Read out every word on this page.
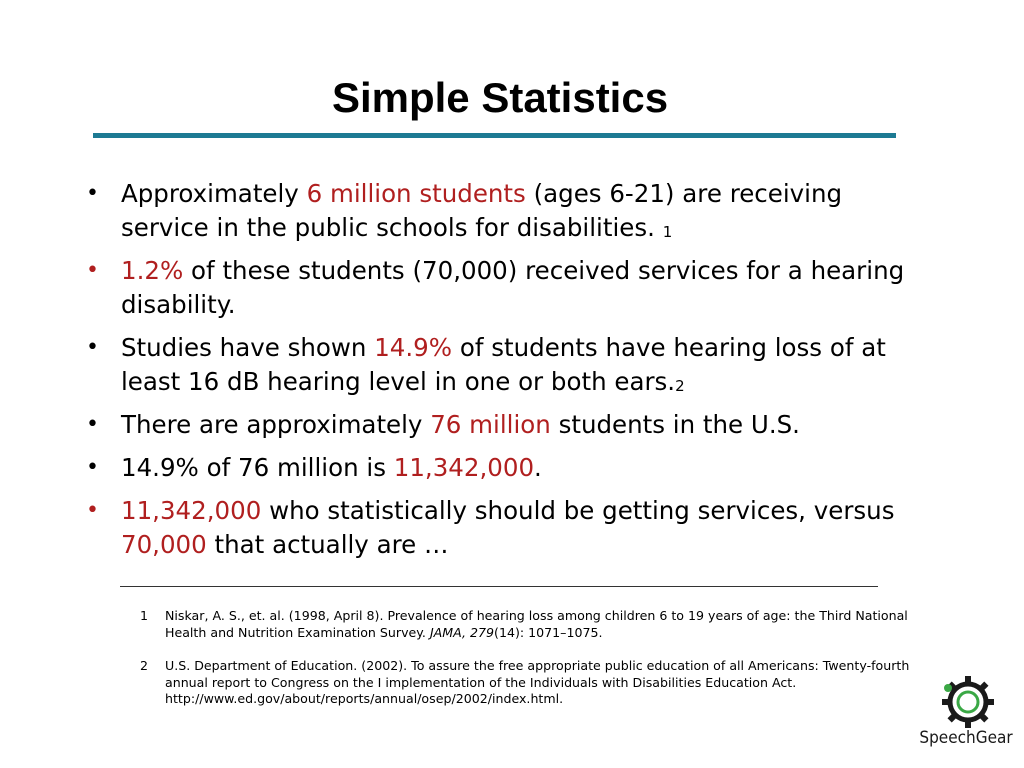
Simple Statistics
• Approximately 6 million students (ages 6-21) are receiving service in the public schools for disabilities. $^1$
• 1.2% of these students (70,000) received services for a hearing disability.
• Studies have shown 14.9% of students have hearing loss of at least 16 dB hearing level in one or both ears.$^2$
• There are approximately 76 million students in the U.S.
• 14.9% of 76 million is 11,342,000.
• 11,342,000 who statistically should be getting services, versus 70,000 that actually are …
1 Niskar, A. S., et. al. (1998, April 8). Prevalence of hearing loss among children 6 to 19 years of age: the Third National Health and Nutrition Examination Survey. JAMA, 279(14): 1071–1075.
2 U.S. Department of Education. (2002). To assure the free appropriate public education of all Americans: Twenty-fourth annual report to Congress on the I implementation of the Individuals with Disabilities Education Act. http://www.ed.gov/about/reports/annual/osep/2002/index.html.
SpeechGear
